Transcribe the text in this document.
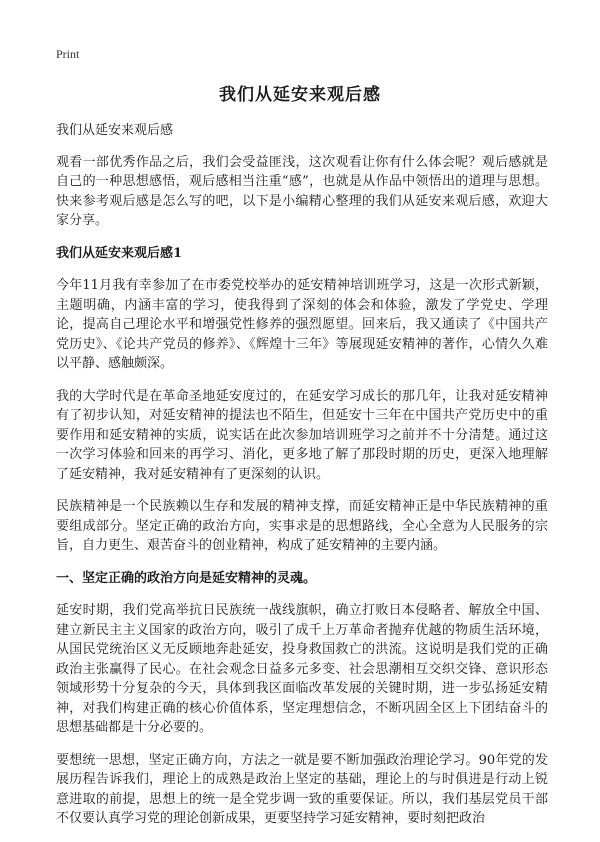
Print
我们从延安来观后感

我们从延安来观后感

观看一部优秀作品之后，我们会受益匪浅，这次观看让你有什么体会呢？观后感就是自己的一种思想感悟，观后感相当注重“感”，也就是从作品中领悟出的道理与思想。快来参考观后感是怎么写的吧，以下是小编精心整理的我们从延安来观后感，欢迎大家分享。

我们从延安来观后感1

今年11月我有幸参加了在市委党校举办的延安精神培训班学习，这是一次形式新颖，主题明确，内涵丰富的学习，使我得到了深刻的体会和体验，激发了学党史、学理论，提高自己理论水平和增强党性修养的强烈愿望。回来后，我又通读了《中国共产党历史》、《论共产党员的修养》、《辉煌十三年》等展现延安精神的著作，心情久久难以平静、感触颇深。

我的大学时代是在革命圣地延安度过的，在延安学习成长的那几年，让我对延安精神有了初步认知，对延安精神的提法也不陌生，但延安十三年在中国共产党历史中的重要作用和延安精神的实质，说实话在此次参加培训班学习之前并不十分清楚。通过这一次学习体验和回来的再学习、消化，更多地了解了那段时期的历史，更深入地理解了延安精神，我对延安精神有了更深刻的认识。

民族精神是一个民族赖以生存和发展的精神支撑，而延安精神正是中华民族精神的重要组成部分。坚定正确的政治方向，实事求是的思想路线，全心全意为人民服务的宗旨，自力更生、艰苦奋斗的创业精神，构成了延安精神的主要内涵。

一、坚定正确的政治方向是延安精神的灵魂。

延安时期，我们党高举抗日民族统一战线旗帜，确立打败日本侵略者、解放全中国、建立新民主主义国家的政治方向，吸引了成千上万革命者抛弃优越的物质生活环境，从国民党统治区义无反顾地奔赴延安，投身救国救亡的洪流。这说明是我们党的正确政治主张赢得了民心。在社会观念日益多元多变、社会思潮相互交织交锋、意识形态领域形势十分复杂的今天，具体到我区面临改革发展的关键时期，进一步弘扬延安精神，对我们构建正确的核心价值体系，坚定理想信念，不断巩固全区上下团结奋斗的思想基础都是十分必要的。

要想统一思想，坚定正确方向，方法之一就是要不断加强政治理论学习。90年党的发展历程告诉我们，理论上的成熟是政治上坚定的基础，理论上的与时俱进是行动上锐意进取的前提，思想上的统一是全党步调一致的重要保证。所以，我们基层党员干部不仅要认真学习党的理论创新成果，更要坚持学习延安精神，要时刻把政治
